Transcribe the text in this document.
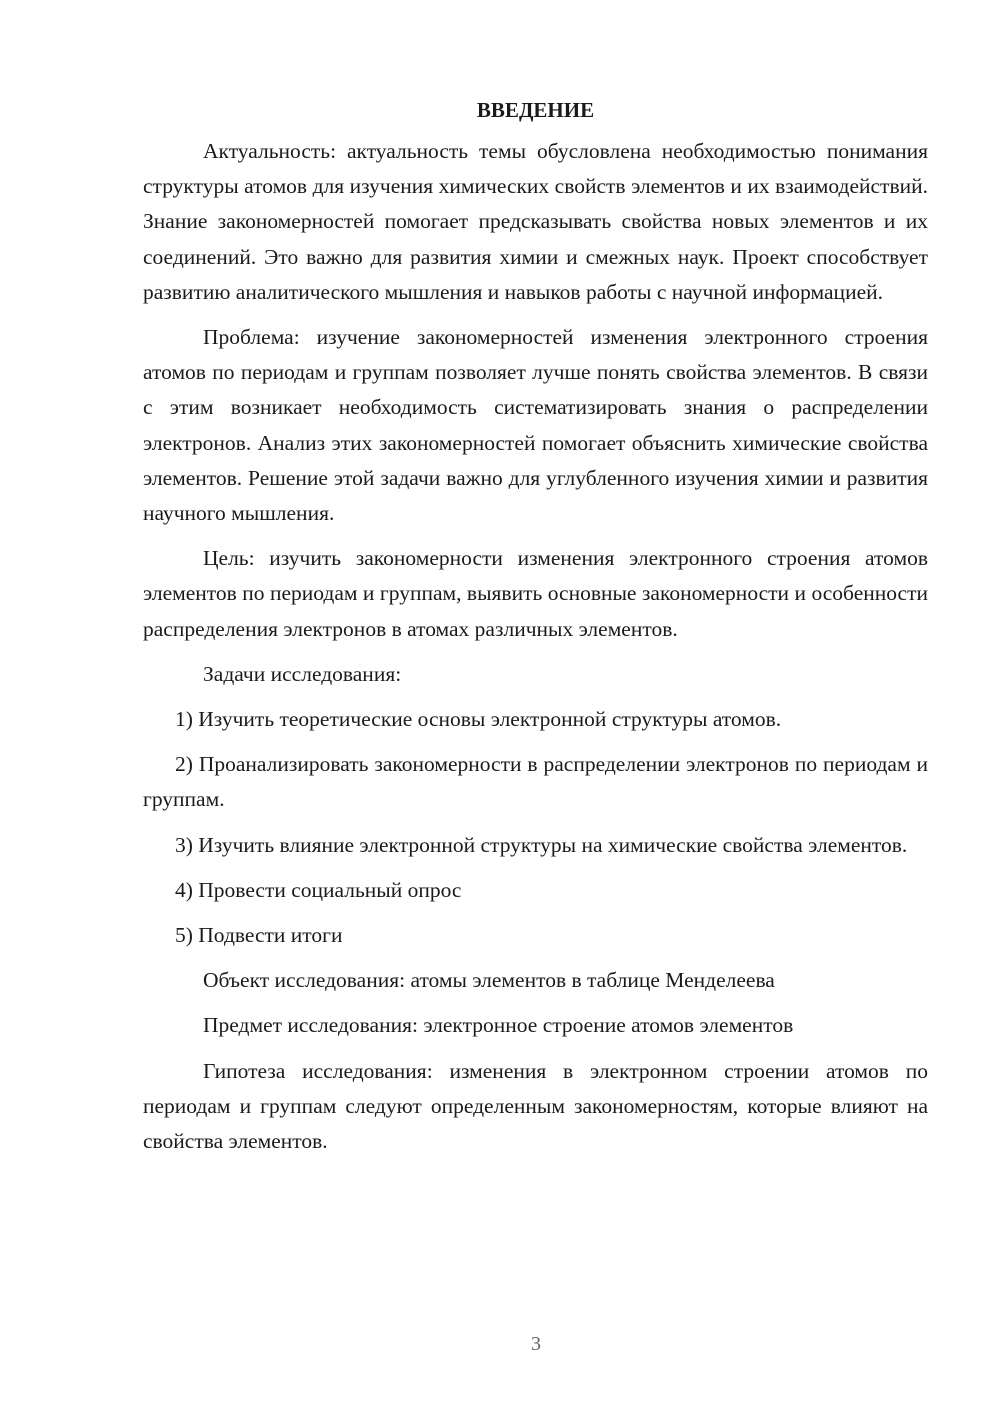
ВВЕДЕНИЕ

Актуальность: актуальность темы обусловлена необходимостью понимания структуры атомов для изучения химических свойств элементов и их взаимодействий. Знание закономерностей помогает предсказывать свойства новых элементов и их соединений. Это важно для развития химии и смежных наук. Проект способствует развитию аналитического мышления и навыков работы с научной информацией.

Проблема: изучение закономерностей изменения электронного строения атомов по периодам и группам позволяет лучше понять свойства элементов. В связи с этим возникает необходимость систематизировать знания о распределении электронов. Анализ этих закономерностей помогает объяснить химические свойства элементов. Решение этой задачи важно для углубленного изучения химии и развития научного мышления.

Цель: изучить закономерности изменения электронного строения атомов элементов по периодам и группам, выявить основные закономерности и особенности распределения электронов в атомах различных элементов.

Задачи исследования:

1) Изучить теоретические основы электронной структуры атомов.

2) Проанализировать закономерности в распределении электронов по периодам и группам.

3) Изучить влияние электронной структуры на химические свойства элементов.

4) Провести социальный опрос

5) Подвести итоги

Объект исследования: атомы элементов в таблице Менделеева

Предмет исследования: электронное строение атомов элементов

Гипотеза исследования: изменения в электронном строении атомов по периодам и группам следуют определенным закономерностям, которые влияют на свойства элементов.

3
